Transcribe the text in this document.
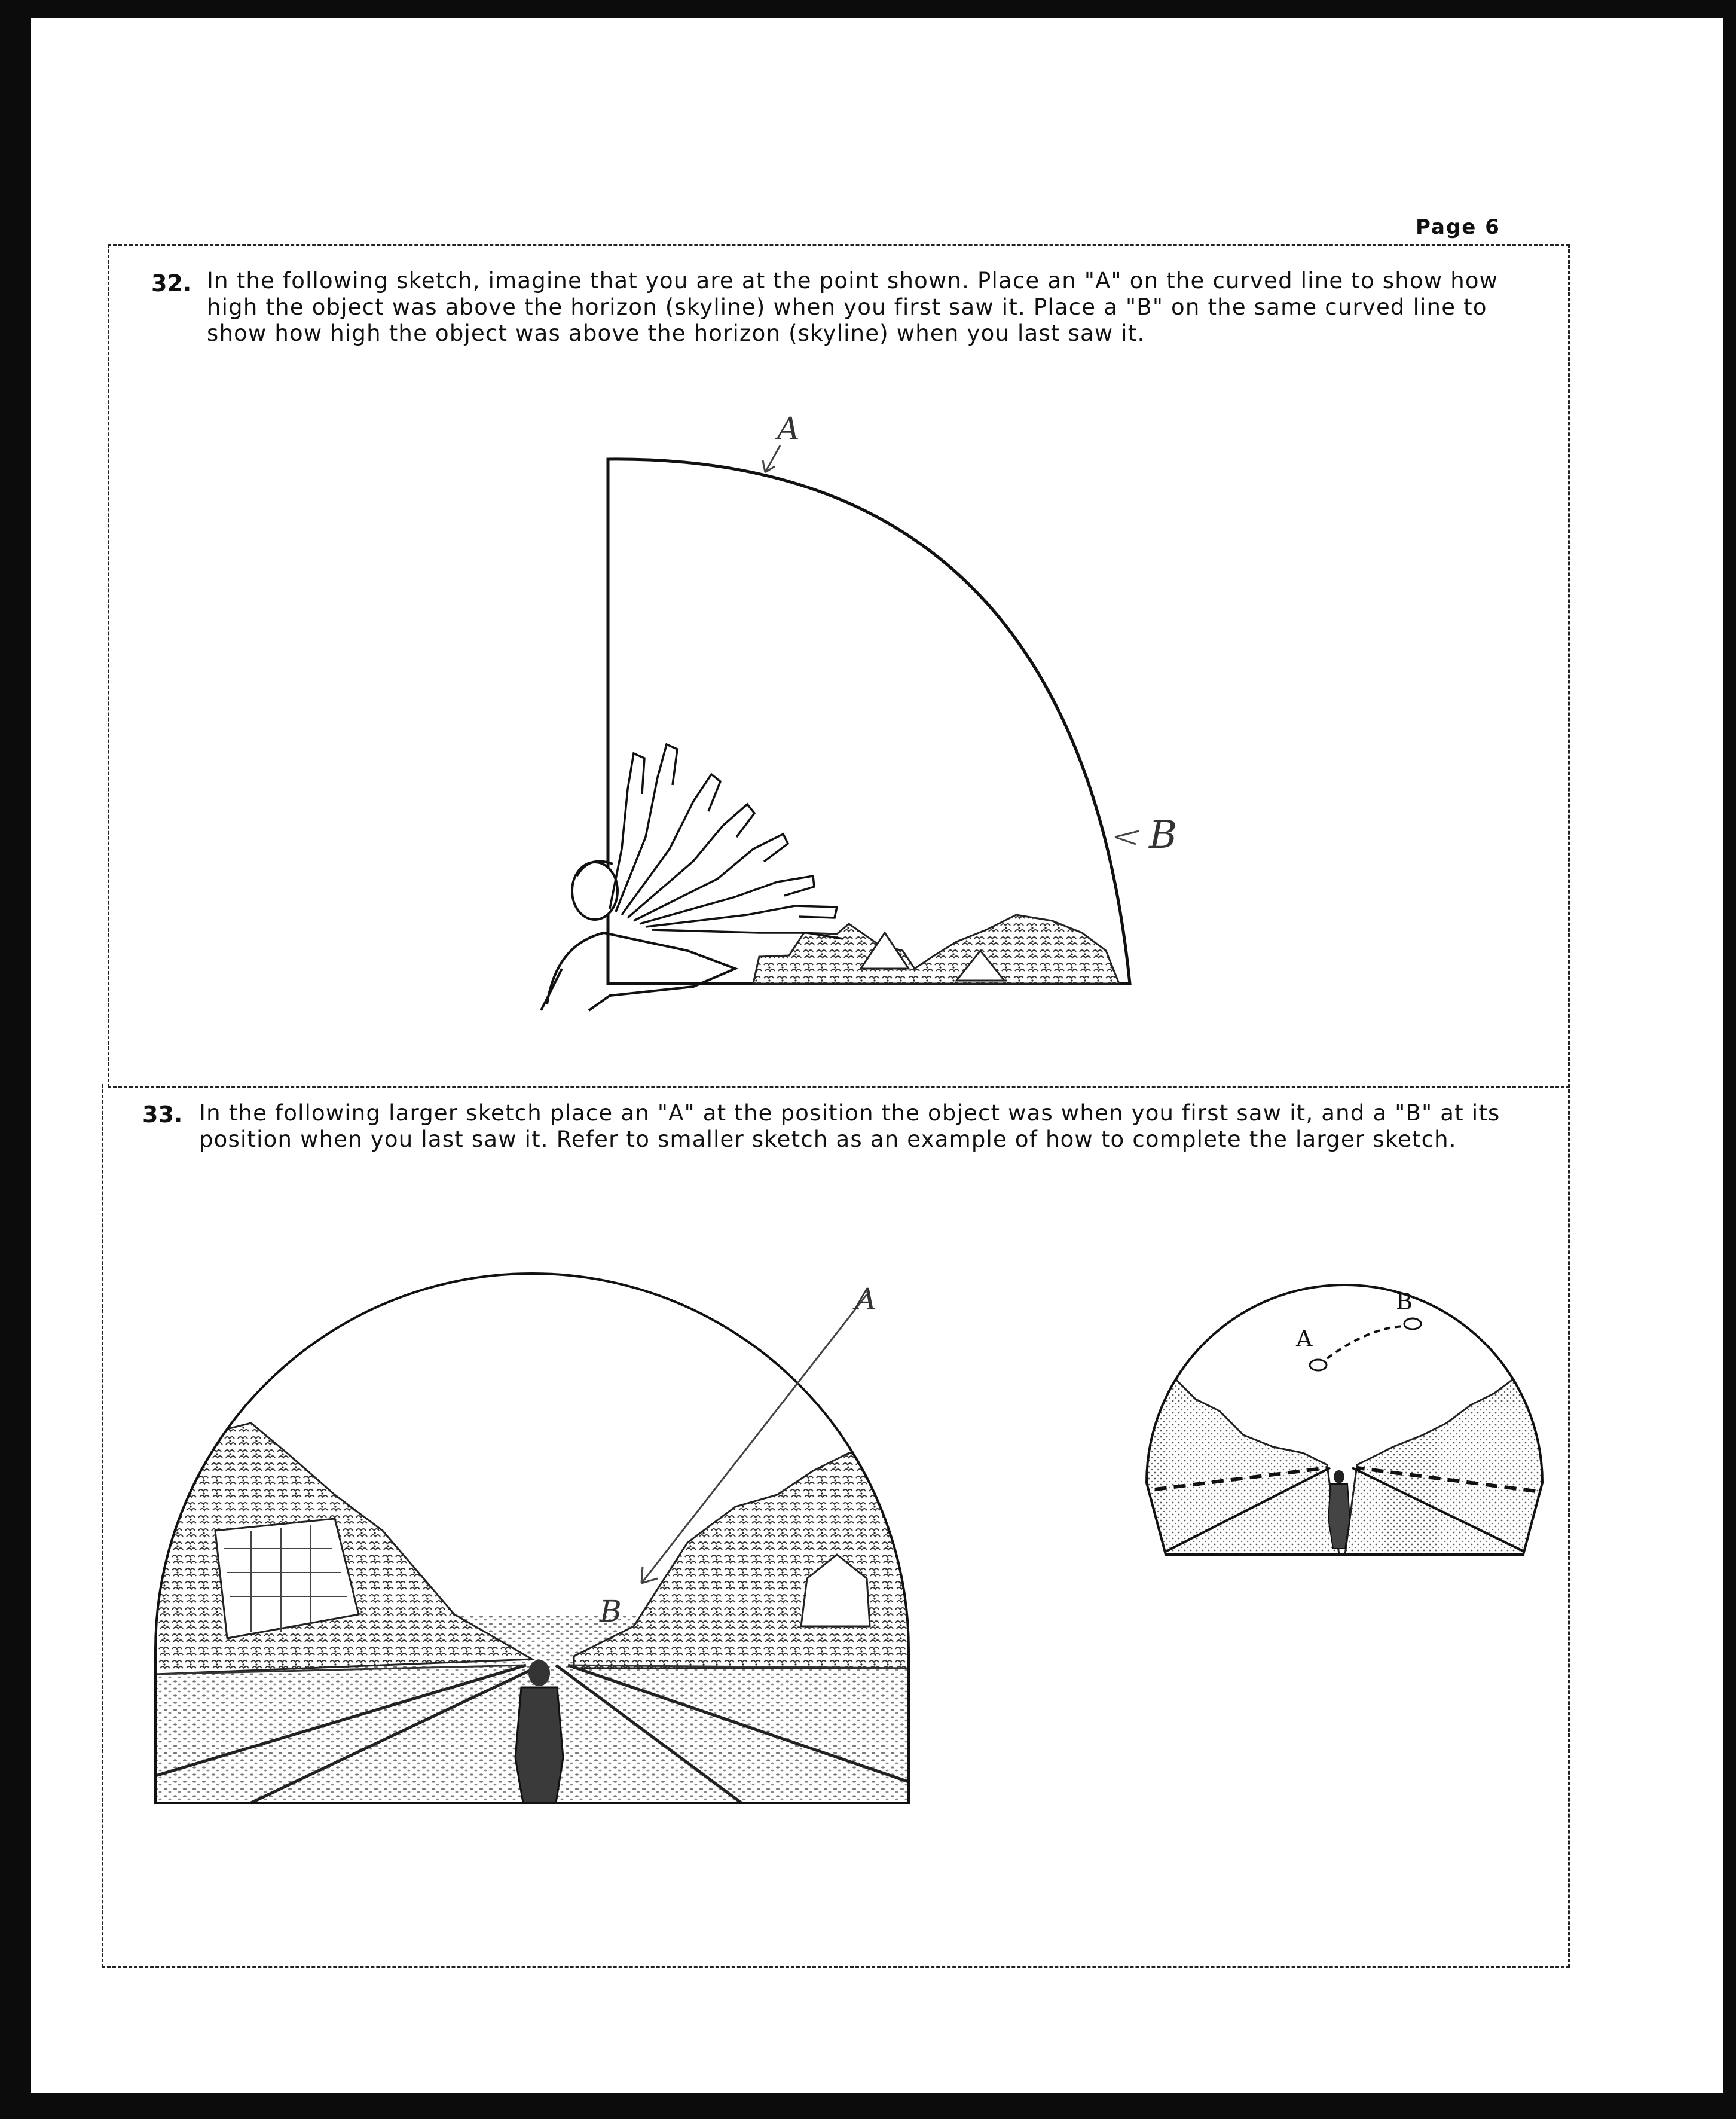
Page 6
32. In the following sketch, imagine that you are at the point shown. Place an "A" on the curved line to show how
high the object was above the horizon (skyline) when you first saw it. Place a "B" on the same curved line to
show how high the object was above the horizon (skyline) when you last saw it.
33. In the following larger sketch place an "A" at the position the object was when you first saw it, and a "B" at its
position when you last saw it. Refer to smaller sketch as an example of how to complete the larger sketch.
A
B
A
B
A
B
